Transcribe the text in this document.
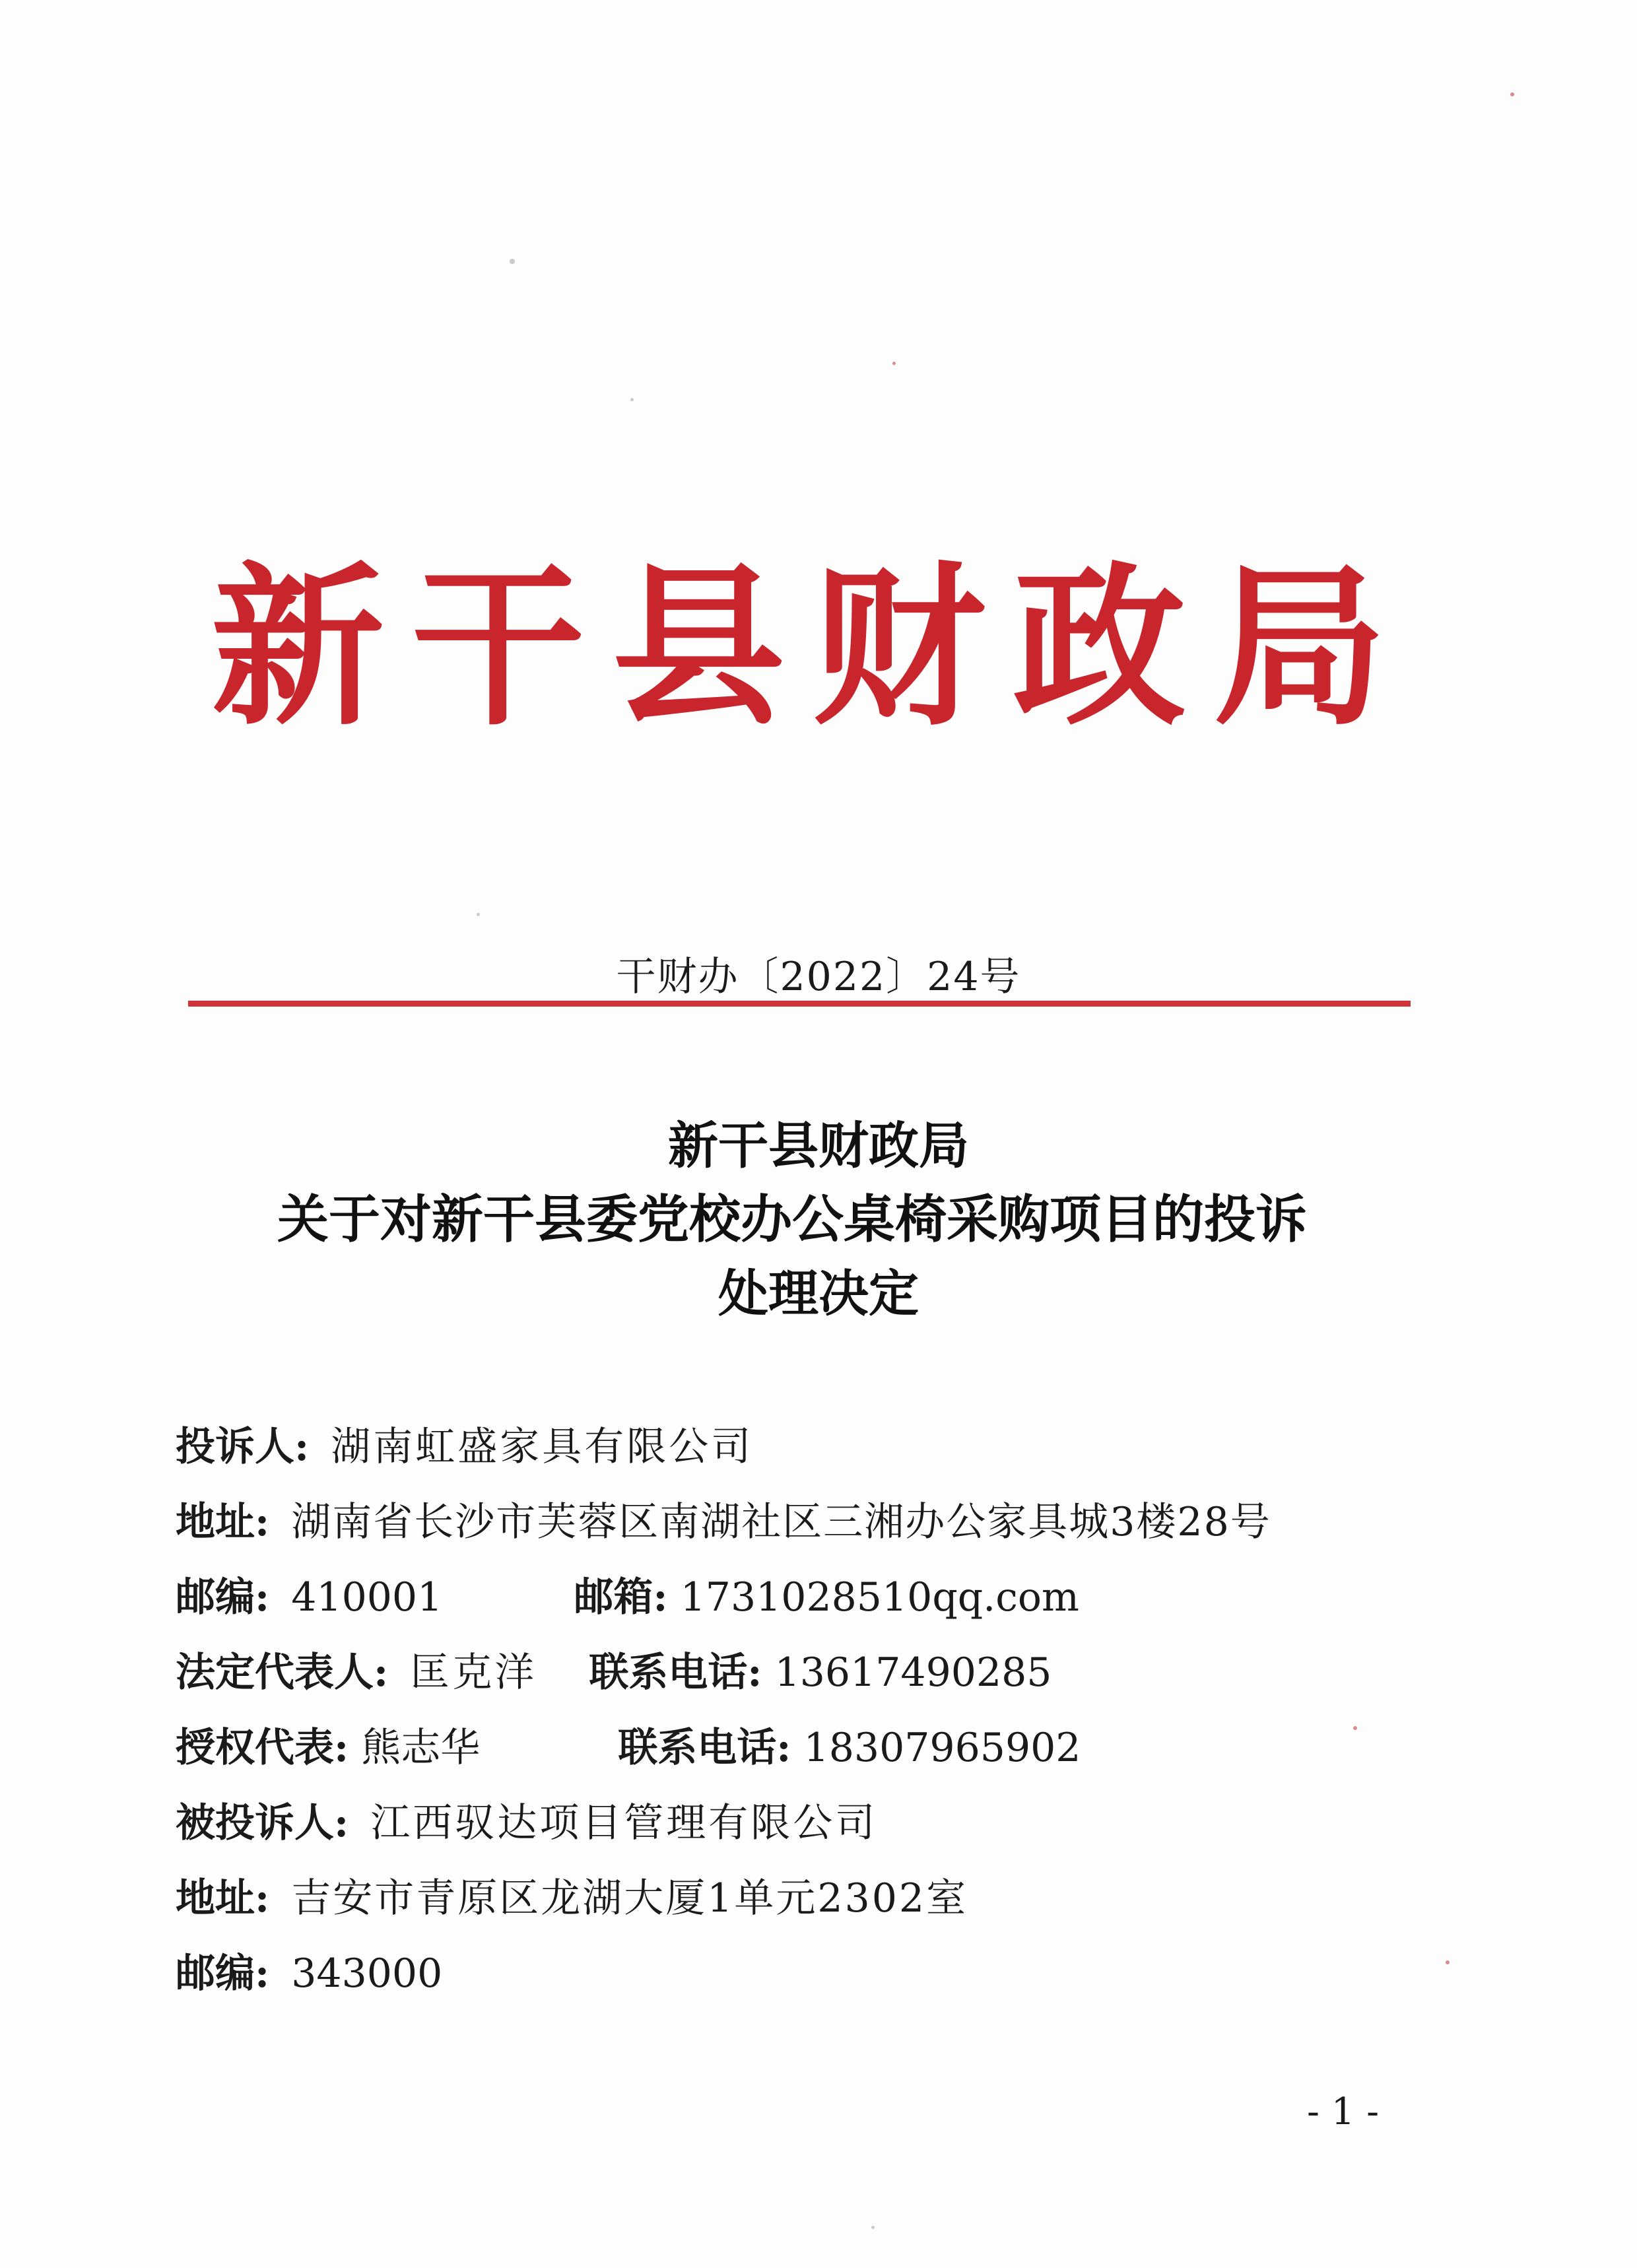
新 干 县 财 政 局
干财办〔2022〕24号
新干县财政局
关于对新干县委党校办公桌椅采购项目的投诉
处理决定
投诉人: 湖南虹盛家具有限公司
地址: 湖南省长沙市芙蓉区南湖社区三湘办公家具城3楼28号
邮编: 410001	邮箱: 1731028510qq.com
法定代表人: 匡克洋 联系电话: 13617490285
授权代表: 熊志华	联系电话: 18307965902
被投诉人: 江西驭达项目管理有限公司
地址: 吉安市青原区龙湖大厦1单元2302室
邮编: 343000
- 1 -
